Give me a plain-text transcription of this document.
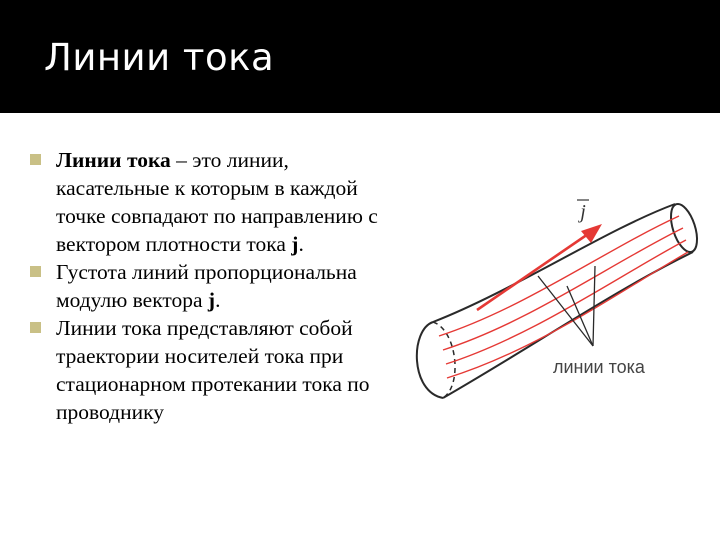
Линии тока
Линии тока – это линии, касательные к которым в каждой точке совпадают по направлению с вектором плотности тока j.
Густота линий пропорциональна модулю вектора j.
Линии тока представляют собой траектории носителей тока при стационарном протекании тока по проводнику
j
линии тока
